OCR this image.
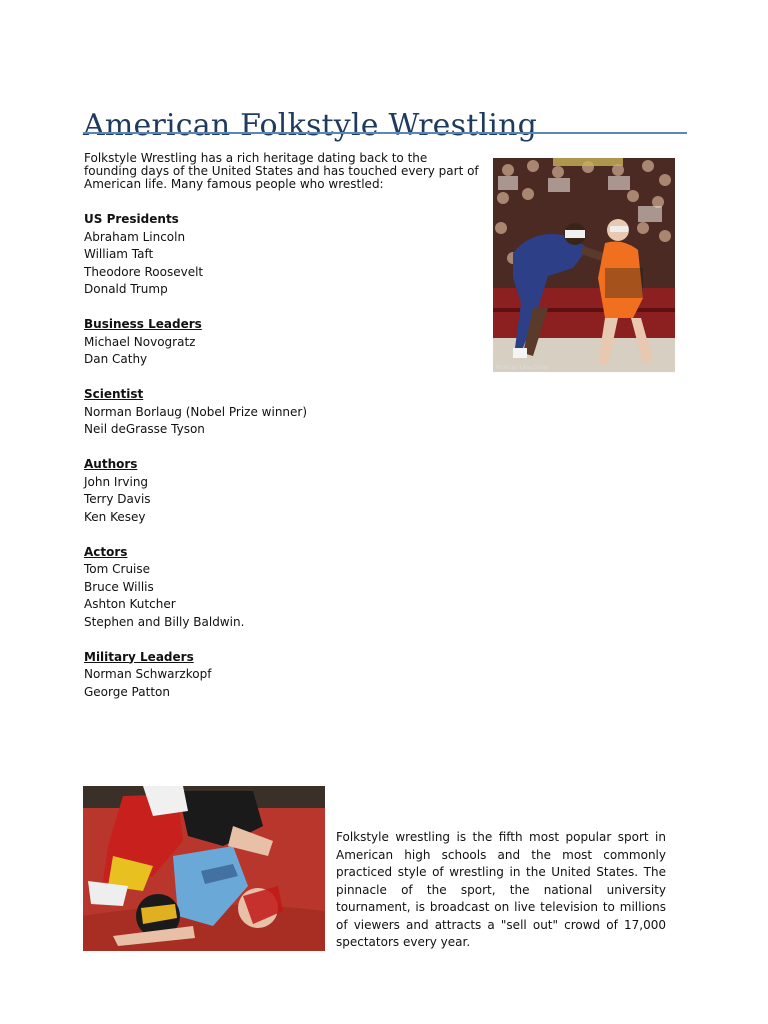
American Folkstyle Wrestling
Folkstyle Wrestling has a rich heritage dating back to the founding days of the United States and has touched every part of American life. Many famous people who wrestled:
US Presidents
Abraham Lincoln
William Taft
Theodore Roosevelt
Donald Trump
Business Leaders
Michael Novogratz
Dan Cathy
Scientist
Norman Borlaug (Nobel Prize winner)
Neil deGrasse Tyson
Authors
John Irving
Terry Davis
Ken Kesey
Actors
Tom Cruise
Bruce Willis
Ashton Kutcher
Stephen and Billy Baldwin.
Military Leaders
Norman Schwarzkopf
George Patton
Photo by Larry Slater
Folkstyle wrestling is the fifth most popular sport in American high schools and the most commonly practiced style of wrestling in the United States. The pinnacle of the sport, the national university tournament, is broadcast on live television to millions of viewers and attracts a "sell out" crowd of 17,000 spectators every year.
